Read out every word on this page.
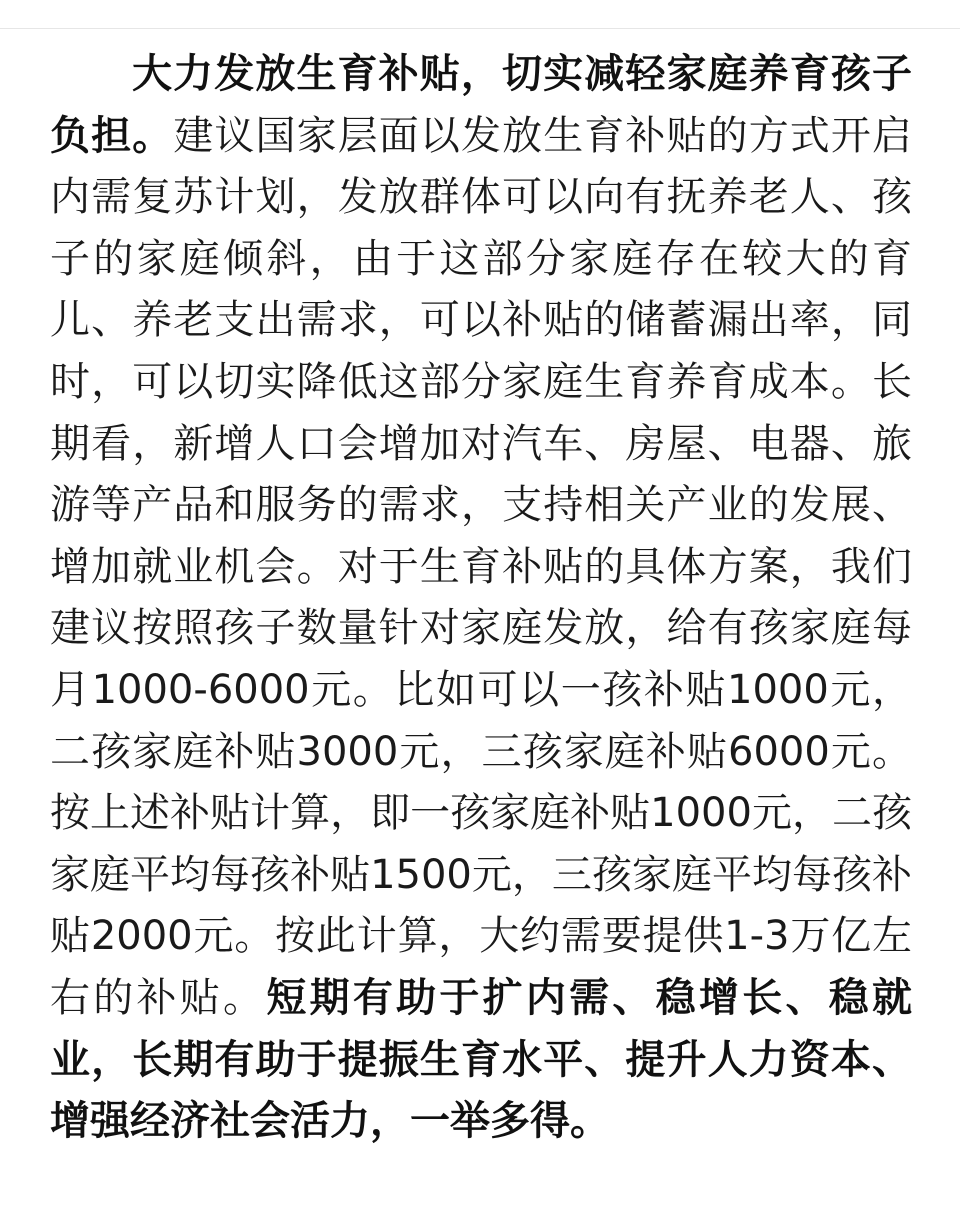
大力发放生育补贴，切实减轻家庭养育孩子负担。建议国家层面以发放生育补贴的方式开启内需复苏计划，发放群体可以向有抚养老人、孩子的家庭倾斜，由于这部分家庭存在较大的育儿、养老支出需求，可以补贴的储蓄漏出率，同时，可以切实降低这部分家庭生育养育成本。长期看，新增人口会增加对汽车、房屋、电器、旅游等产品和服务的需求，支持相关产业的发展、增加就业机会。对于生育补贴的具体方案，我们建议按照孩子数量针对家庭发放，给有孩家庭每月1000-6000元。比如可以一孩补贴1000元，二孩家庭补贴3000元，三孩家庭补贴6000元。按上述补贴计算，即一孩家庭补贴1000元，二孩家庭平均每孩补贴1500元，三孩家庭平均每孩补贴2000元。按此计算，大约需要提供1-3万亿左右的补贴。短期有助于扩内需、稳增长、稳就业，长期有助于提振生育水平、提升人力资本、增强经济社会活力，一举多得。
